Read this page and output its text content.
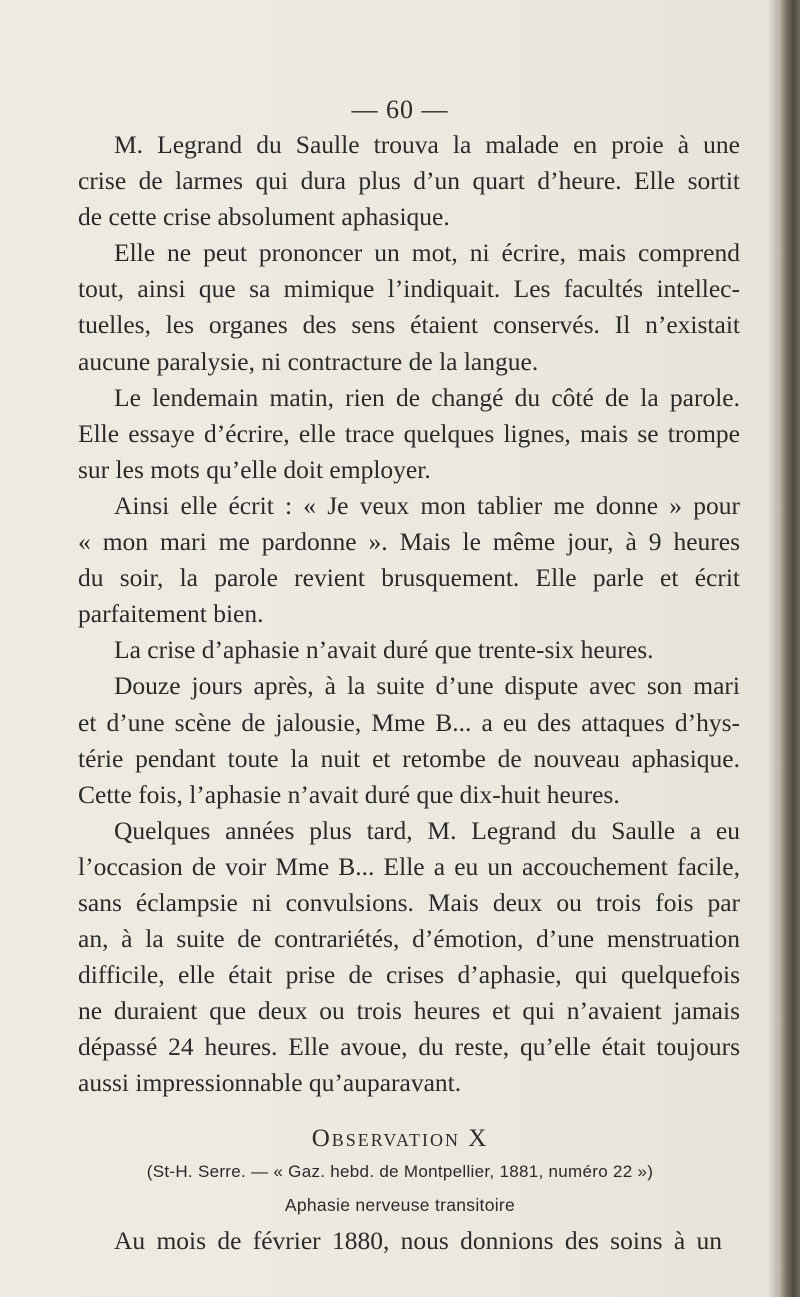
— 60 —

M. Legrand du Saulle trouva la malade en proie à une
crise de larmes qui dura plus d’un quart d’heure. Elle sortit
de cette crise absolument aphasique.

Elle ne peut prononcer un mot, ni écrire, mais comprend
tout, ainsi que sa mimique l’indiquait. Les facultés intellec-
tuelles, les organes des sens étaient conservés. Il n’existait
aucune paralysie, ni contracture de la langue.

Le lendemain matin, rien de changé du côté de la parole.
Elle essaye d’écrire, elle trace quelques lignes, mais se trompe
sur les mots qu’elle doit employer.

Ainsi elle écrit : « Je veux mon tablier me donne » pour
« mon mari me pardonne ». Mais le même jour, à 9 heures
du soir, la parole revient brusquement. Elle parle et écrit
parfaitement bien.

La crise d’aphasie n’avait duré que trente-six heures.

Douze jours après, à la suite d’une dispute avec son mari
et d’une scène de jalousie, Mme B... a eu des attaques d’hys-
térie pendant toute la nuit et retombe de nouveau aphasique.
Cette fois, l’aphasie n’avait duré que dix-huit heures.

Quelques années plus tard, M. Legrand du Saulle a eu
l’occasion de voir Mme B... Elle a eu un accouchement facile,
sans éclampsie ni convulsions. Mais deux ou trois fois par
an, à la suite de contrariétés, d’émotion, d’une menstruation
difficile, elle était prise de crises d’aphasie, qui quelquefois
ne duraient que deux ou trois heures et qui n’avaient jamais
dépassé 24 heures. Elle avoue, du reste, qu’elle était toujours
aussi impressionnable qu’auparavant.

Observation X
(St-H. Serre. — « Gaz. hebd. de Montpellier, 1881, numéro 22 »)
Aphasie nerveuse transitoire
Au mois de février 1880, nous donnions des soins à un
